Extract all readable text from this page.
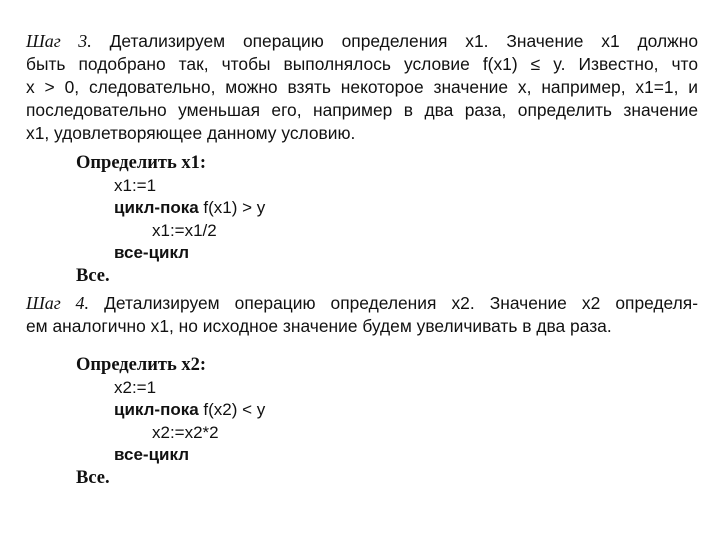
Шаг 3. Детализируем операцию определения x1. Значение x1 должно
быть подобрано так, чтобы выполнялось условие f(x1) ≤ y. Известно, что
x > 0, следовательно, можно взять некоторое значение x, например, x1=1, и
последовательно уменьшая его, например в два раза, определить значение
x1, удовлетворяющее данному условию.
Определить x1:
x1:=1
цикл-пока f(x1) > y
x1:=x1/2
все-цикл
Все.
Шаг 4. Детализируем операцию определения x2. Значение x2 определя-
ем аналогично x1, но исходное значение будем увеличивать в два раза.
Определить x2:
x2:=1
цикл-пока f(x2) < y
x2:=x2*2
все-цикл
Все.
